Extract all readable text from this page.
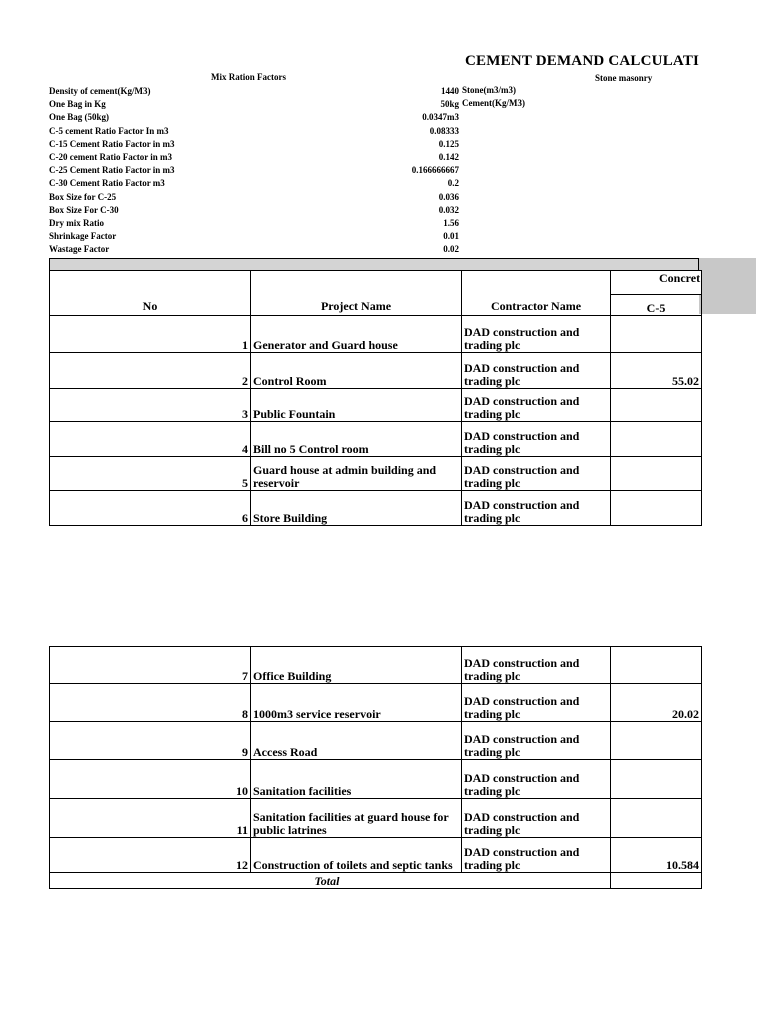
CEMENT DEMAND CALCULATI
Mix Ration Factors	Stone masonry
Density of cement(Kg/M3)	1440
One Bag in Kg	50kg
One Bag (50kg)	0.0347m3
C-5 cement Ratio Factor In m3	0.08333
C-15 Cement Ratio Factor in m3	0.125
C-20 cement Ratio Factor in m3	0.142
C-25 Cement Ratio Factor in m3	0.166666667
C-30 Cement Ratio Factor m3	0.2
Box Size for C-25	0.036
Box Size For C-30	0.032
Dry mix Ratio	1.56
Shrinkage Factor	0.01
Wastage Factor	0.02
Stone(m3/m3)
Cement(Kg/M3)
No	Project Name	Contractor Name	
			C-5
1	Generator and Guard house	DAD construction and trading plc	
2	Control Room	DAD construction and trading plc	55.02
3	Public Fountain	DAD construction and trading plc	
4	Bill no 5 Control room	DAD construction and trading plc	
5	Guard house at admin building and reservoir	DAD construction and trading plc	
6	Store Building	DAD construction and trading plc	
Concret
7	Office Building	DAD construction and trading plc	
8	1000m3 service reservoir	DAD construction and trading plc	20.02
9	Access Road	DAD construction and trading plc	
10	Sanitation facilities	DAD construction and trading plc	
11	Sanitation facilities at guard house for public latrines	DAD construction and trading plc	
12	Construction of toilets and septic tanks	DAD construction and trading plc	10.584
	Total		
